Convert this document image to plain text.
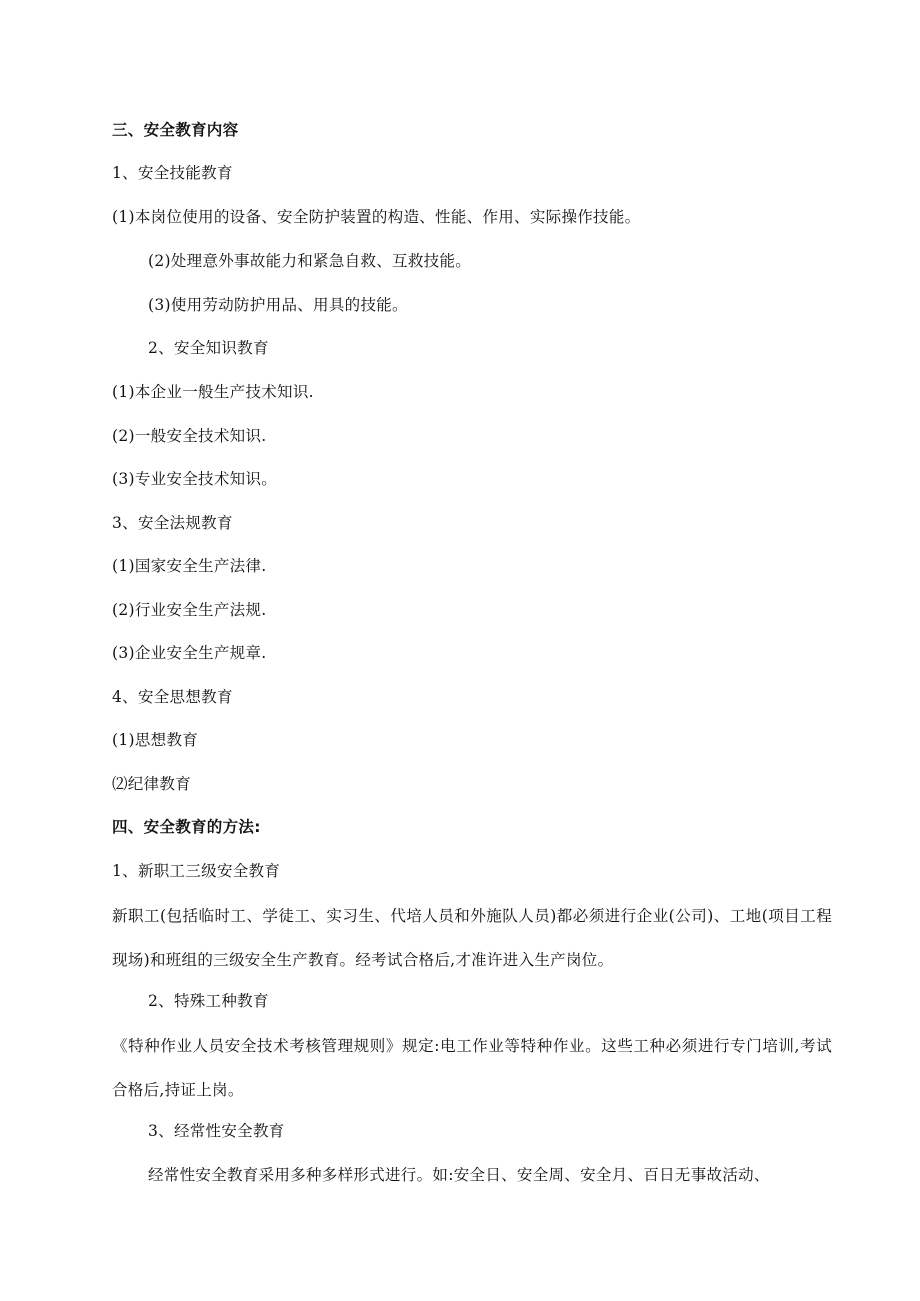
三、安全教育内容
1、安全技能教育
(1)本岗位使用的设备、安全防护装置的构造、性能、作用、实际操作技能。
(2)处理意外事故能力和紧急自救、互救技能。
(3)使用劳动防护用品、用具的技能。
2、安全知识教育
(1)本企业一般生产技术知识.
(2)一般安全技术知识.
(3)专业安全技术知识。
3、安全法规教育
(1)国家安全生产法律.
(2)行业安全生产法规.
(3)企业安全生产规章.
4、安全思想教育
(1)思想教育
⑵纪律教育
四、安全教育的方法:
1、新职工三级安全教育
新职工(包括临时工、学徒工、实习生、代培人员和外施队人员)都必须进行企业(公司)、工地(项目工程现场)和班组的三级安全生产教育。经考试合格后,才准许进入生产岗位。
2、特殊工种教育
《特种作业人员安全技术考核管理规则》规定:电工作业等特种作业。这些工种必须进行专门培训,考试合格后,持证上岗。
3、经常性安全教育
经常性安全教育采用多种多样形式进行。如:安全日、安全周、安全月、百日无事故活动、
